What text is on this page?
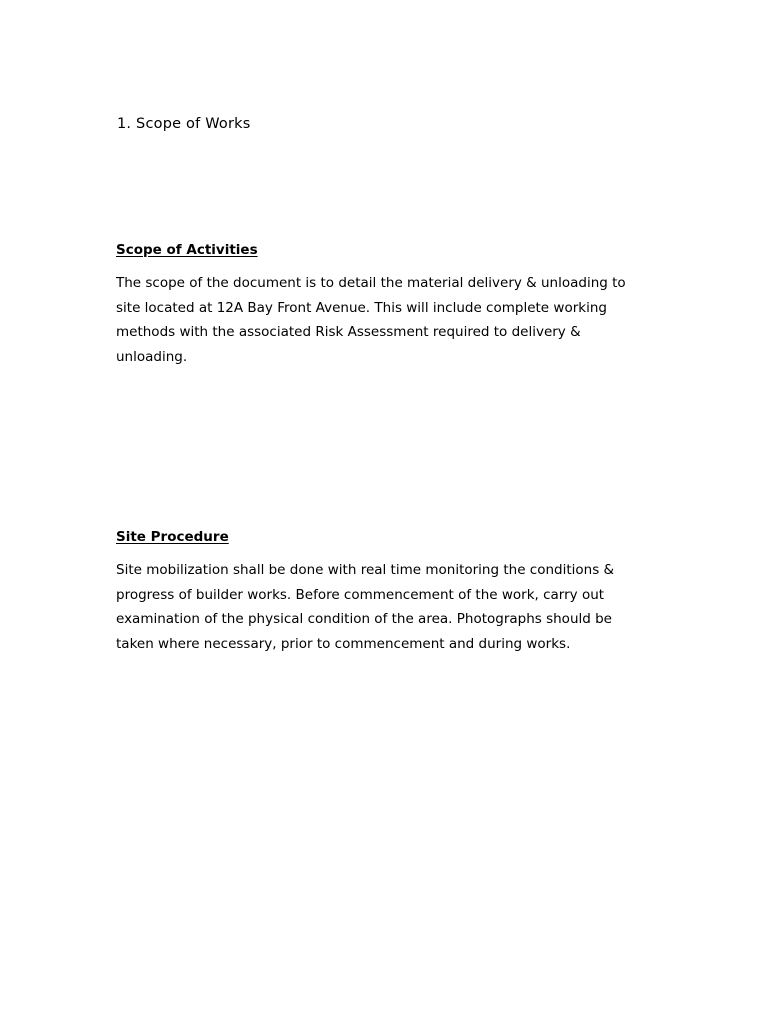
1. Scope of Works
Scope of Activities

The scope of the document is to detail the material delivery & unloading to
site located at 12A Bay Front Avenue. This will include complete working
methods with the associated Risk Assessment required to delivery &
unloading.

Site Procedure

Site mobilization shall be done with real time monitoring the conditions &
progress of builder works. Before commencement of the work, carry out
examination of the physical condition of the area. Photographs should be
taken where necessary, prior to commencement and during works.
